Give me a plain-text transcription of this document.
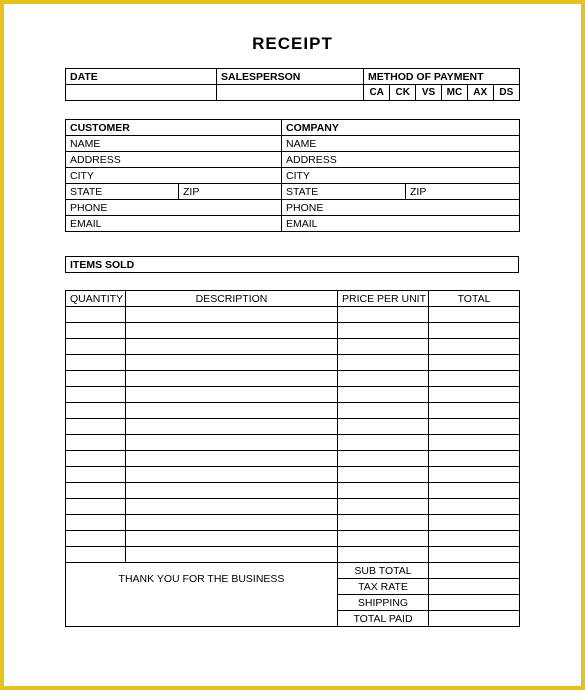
RECEIPT
DATE	SALESPERSON	METHOD OF PAYMENT

CA	CK	VS	MC	AX	DS
CUSTOMER		COMPANY	
NAME		NAME	
ADDRESS		ADDRESS	
CITY		CITY	
STATE	ZIP	STATE	ZIP
PHONE		PHONE	
EMAIL		EMAIL	
ITEMS SOLD
QUANTITY	DESCRIPTION	PRICE PER UNIT	TOTAL

THANK YOU FOR THE BUSINESS		SUB TOTAL	
		TAX RATE	
		SHIPPING	
		TOTAL PAID	
